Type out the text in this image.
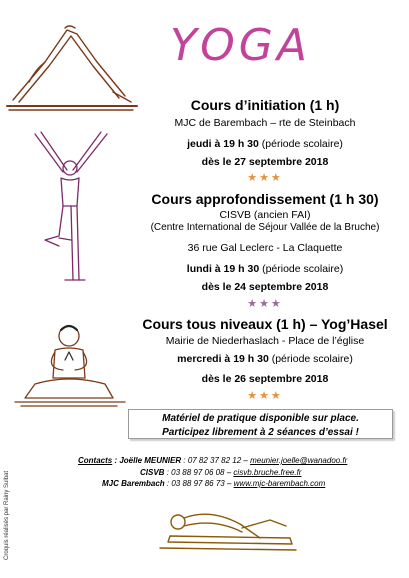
YOGA
Cours d’initiation (1 h)
MJC de Barembach – rte de Steinbach
jeudi à 19 h 30 (période scolaire)
dès le 27 septembre 2018
★★★
Cours approfondissement (1 h 30)
CISVB (ancien FAI)
(Centre International de Séjour Vallée de la Bruche)
36 rue Gal Leclerc - La Claquette
lundi à 19 h 30 (période scolaire)
dès le 24 septembre 2018
★★★
Cours tous niveaux (1 h) – Yog’Hasel
Mairie de Niederhaslach - Place de l’église
mercredi à 19 h 30 (période scolaire)
dès le 26 septembre 2018
★★★
Matériel de pratique disponible sur place.
Participez librement à 2 séances d’essai !
Contacts : Joëlle MEUNIER : 07 82 37 82 12 – meunier.joelle@wanadoo.fr
CISVB : 03 88 97 06 08 – cisvb.bruche.free.fr
MJC Barembach : 03 88 97 86 73 – www.mjc-barembach.com
Croquis réalisés par Rainy Sulbat
